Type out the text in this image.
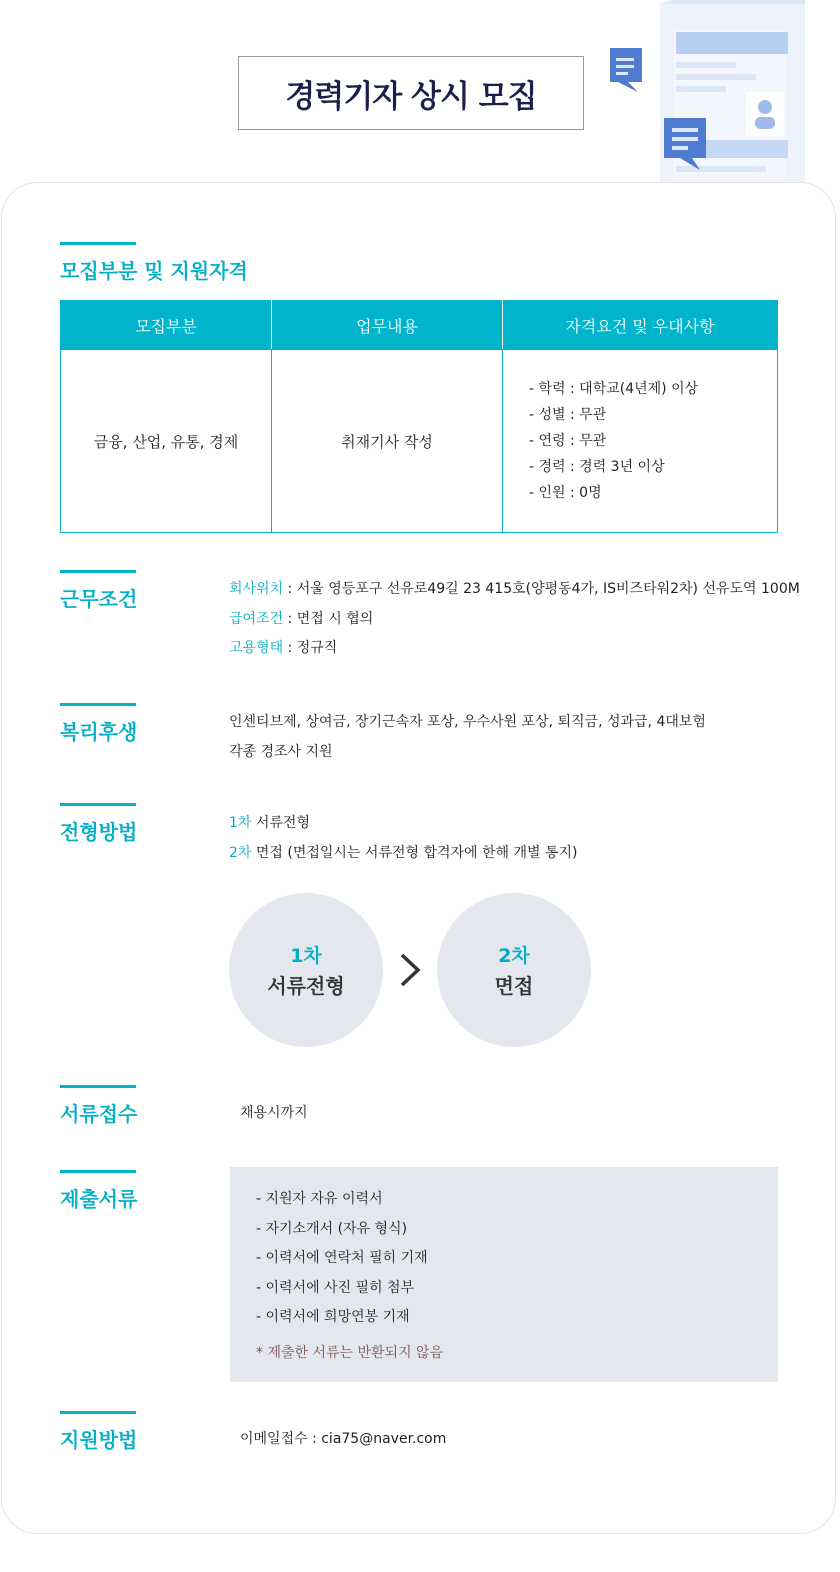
경력기자 상시 모집
모집부분 및 지원자격
모집부분	업무내용	자격요건 및 우대사항
금융, 산업, 유통, 경제	취재기사 작성	- 학력 : 대학교(4년제) 이상
- 성별 : 무관
- 연령 : 무관
- 경력 : 경력 3년 이상
- 인원 : 0명
근무조건	회사위치 : 서울 영등포구 선유로49길 23 415호(양평동4가, IS비즈타워2차) 선유도역 100M
급여조건 : 면접 시 협의
고용형태 : 정규직
복리후생	인센티브제, 상여금, 장기근속자 포상, 우수사원 포상, 퇴직금, 성과급, 4대보험
각종 경조사 지원
전형방법	1차 서류전형
2차 면접 (면접일시는 서류전형 합격자에 한해 개별 통지)
1차
서류전형
2차
면접
서류접수	채용시까지
제출서류	- 지원자 자유 이력서
- 자기소개서 (자유 형식)
- 이력서에 연락처 필히 기재
- 이력서에 사진 필히 첨부
- 이력서에 희망연봉 기재
* 제출한 서류는 반환되지 않음
지원방법	이메일접수 : cia75@naver.com
